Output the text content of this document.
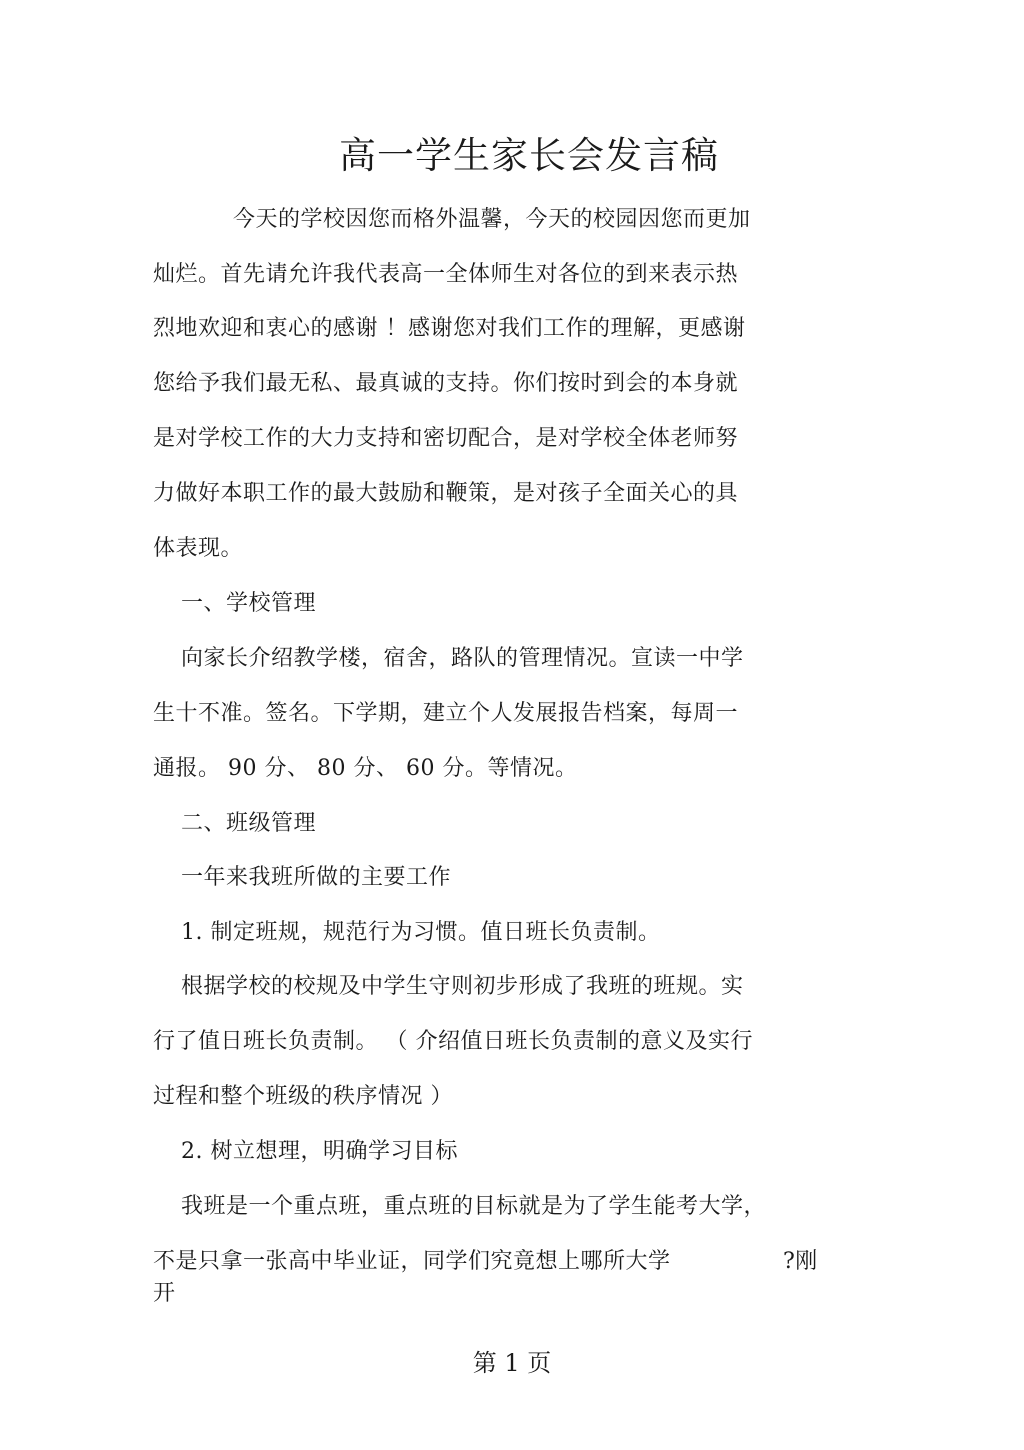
高一学生家长会发言稿
今天的学校因您而格外温馨，今天的校园因您而更加
灿烂。首先请允许我代表高一全体师生对各位的到来表示热
烈地欢迎和衷心的感谢 ！感谢您对我们工作的理解，更感谢
您给予我们最无私、最真诚的支持。你们按时到会的本身就
是对学校工作的大力支持和密切配合，是对学校全体老师努
力做好本职工作的最大鼓励和鞭策，是对孩子全面关心的具
体表现。
一、学校管理
向家长介绍教学楼，宿舍，路队的管理情况。宣读一中学
生十不准。签名。下学期，建立个人发展报告档案，每周一
通报。 90 分、 80 分、 60 分。等情况。
二、班级管理
一年来我班所做的主要工作
1. 制定班规，规范行为习惯。值日班长负责制。
根据学校的校规及中学生守则初步形成了我班的班规。实
行了值日班长负责制。 （ 介绍值日班长负责制的意义及实行
过程和整个班级的秩序情况 ）
2. 树立想理，明确学习目标
我班是一个重点班，重点班的目标就是为了学生能考大学，
不是只拿一张高中毕业证，同学们究竟想上哪所大学	?刚
开
第 1 页
